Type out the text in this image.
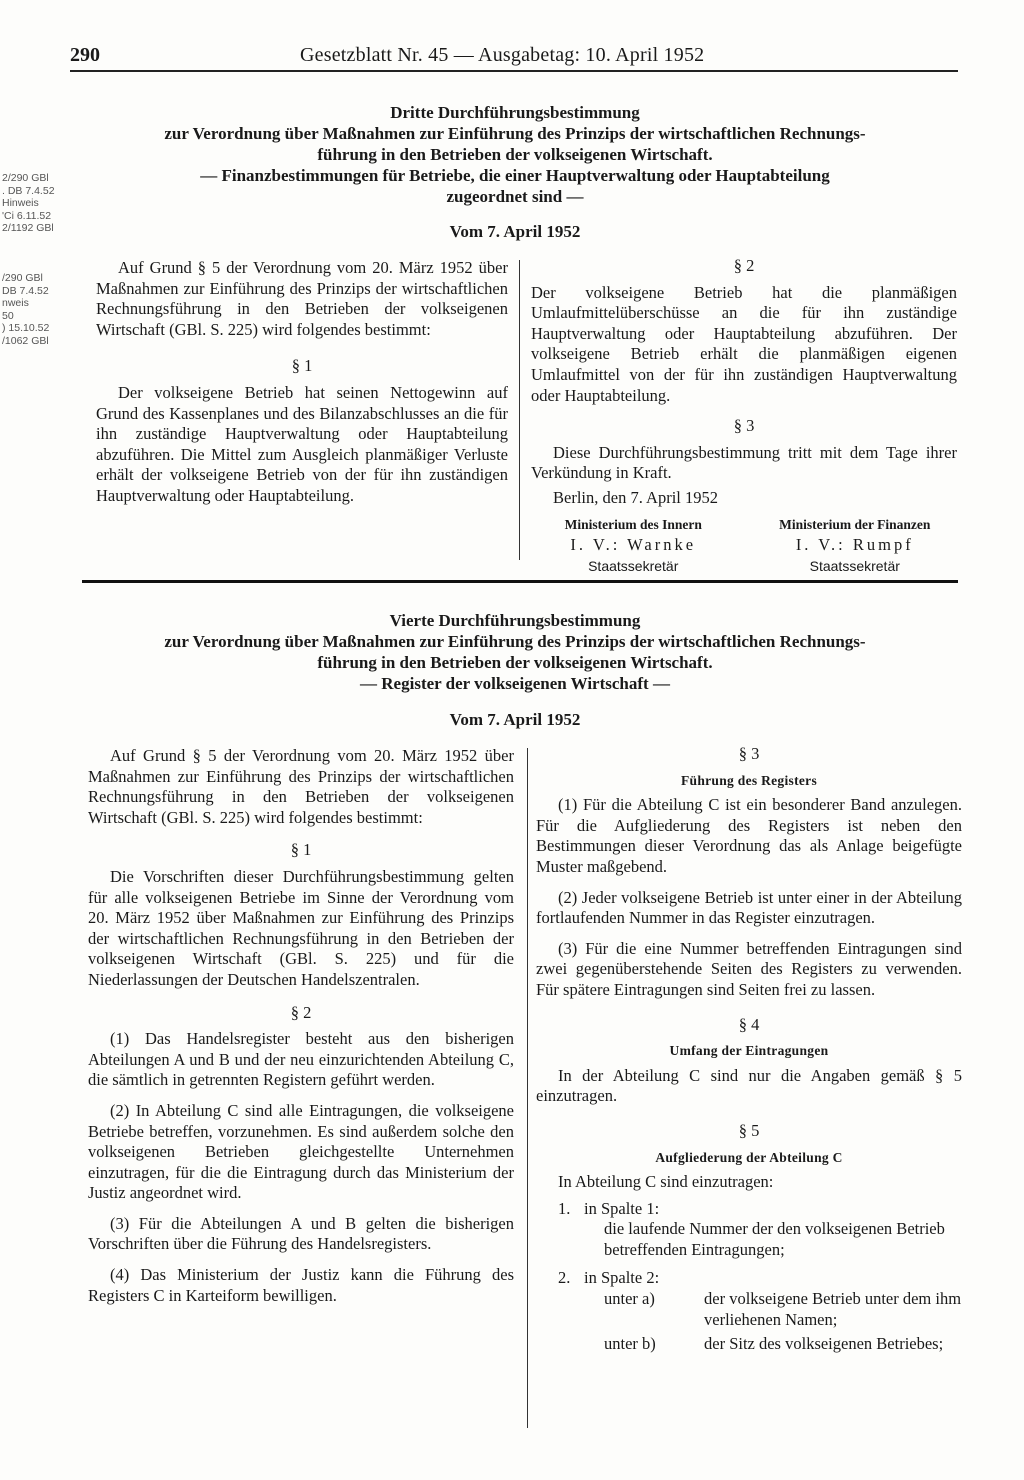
290	Gesetzblatt Nr. 45 — Ausgabetag: 10. April 1952
2/290 GBl
. DB 7.4.52
Hinweis
'Ci 6.11.52
2/1192 GBl
/290 GBl
DB 7.4.52
nweis
50
) 15.10.52
/1062 GBl
Dritte Durchführungsbestimmung
zur Verordnung über Maßnahmen zur Einführung des Prinzips der wirtschaftlichen Rechnungs-
führung in den Betrieben der volkseigenen Wirtschaft.
— Finanzbestimmungen für Betriebe, die einer Hauptverwaltung oder Hauptabteilung
zugeordnet sind —
Vom 7. April 1952

Auf Grund § 5 der Verordnung vom 20. März 1952 über Maßnahmen zur Einführung des Prinzips der wirtschaftlichen Rechnungsführung in den Betrieben der volkseigenen Wirtschaft (GBl. S. 225) wird folgendes bestimmt:

§ 1

Der volkseigene Betrieb hat seinen Nettogewinn auf Grund des Kassenplanes und des Bilanzabschlusses an die für ihn zuständige Hauptverwaltung oder Hauptabteilung abzuführen. Die Mittel zum Ausgleich planmäßiger Verluste erhält der volkseigene Betrieb von der für ihn zuständigen Hauptverwaltung oder Hauptabteilung.

§ 2

Der volkseigene Betrieb hat die planmäßigen Umlaufmittelüberschüsse an die für ihn zuständige Hauptverwaltung oder Hauptabteilung abzuführen. Der volkseigene Betrieb erhält die planmäßigen eigenen Umlaufmittel von der für ihn zuständigen Hauptverwaltung oder Hauptabteilung.

§ 3

Diese Durchführungsbestimmung tritt mit dem Tage ihrer Verkündung in Kraft.

Berlin, den 7. April 1952

Ministerium des Innern
I. V.: Warnke
Staatssekretär
Ministerium der Finanzen
I. V.: Rumpf
Staatssekretär
Vierte Durchführungsbestimmung
zur Verordnung über Maßnahmen zur Einführung des Prinzips der wirtschaftlichen Rechnungs-
führung in den Betrieben der volkseigenen Wirtschaft.
— Register der volkseigenen Wirtschaft —
Vom 7. April 1952

Auf Grund § 5 der Verordnung vom 20. März 1952 über Maßnahmen zur Einführung des Prinzips der wirtschaftlichen Rechnungsführung in den Betrieben der volkseigenen Wirtschaft (GBl. S. 225) wird folgendes bestimmt:

§ 1

Die Vorschriften dieser Durchführungsbestimmung gelten für alle volkseigenen Betriebe im Sinne der Verordnung vom 20. März 1952 über Maßnahmen zur Einführung des Prinzips der wirtschaftlichen Rechnungsführung in den Betrieben der volkseigenen Wirtschaft (GBl. S. 225) und für die Niederlassungen der Deutschen Handelszentralen.

§ 2

(1) Das Handelsregister besteht aus den bisherigen Abteilungen A und B und der neu einzurichtenden Abteilung C, die sämtlich in getrennten Registern geführt werden.

(2) In Abteilung C sind alle Eintragungen, die volkseigene Betriebe betreffen, vorzunehmen. Es sind außerdem solche den volkseigenen Betrieben gleichgestellte Unternehmen einzutragen, für die die Eintragung durch das Ministerium der Justiz angeordnet wird.

(3) Für die Abteilungen A und B gelten die bisherigen Vorschriften über die Führung des Handelsregisters.

(4) Das Ministerium der Justiz kann die Führung des Registers C in Karteiform bewilligen.

§ 3
Führung des Registers

(1) Für die Abteilung C ist ein besonderer Band anzulegen. Für die Aufgliederung des Registers ist neben den Bestimmungen dieser Verordnung das als Anlage beigefügte Muster maßgebend.

(2) Jeder volkseigene Betrieb ist unter einer in der Abteilung fortlaufenden Nummer in das Register einzutragen.

(3) Für die eine Nummer betreffenden Eintragungen sind zwei gegenüberstehende Seiten des Registers zu verwenden. Für spätere Eintragungen sind Seiten frei zu lassen.

§ 4
Umfang der Eintragungen

In der Abteilung C sind nur die Angaben gemäß § 5 einzutragen.

§ 5
Aufgliederung der Abteilung C

In Abteilung C sind einzutragen:

1. in Spalte 1:

die laufende Nummer der den volkseigenen Betrieb betreffenden Eintragungen;

2. in Spalte 2:
unter a)	der volkseigene Betrieb unter dem ihm verliehenen Namen;
unter b)	der Sitz des volkseigenen Betriebes;
